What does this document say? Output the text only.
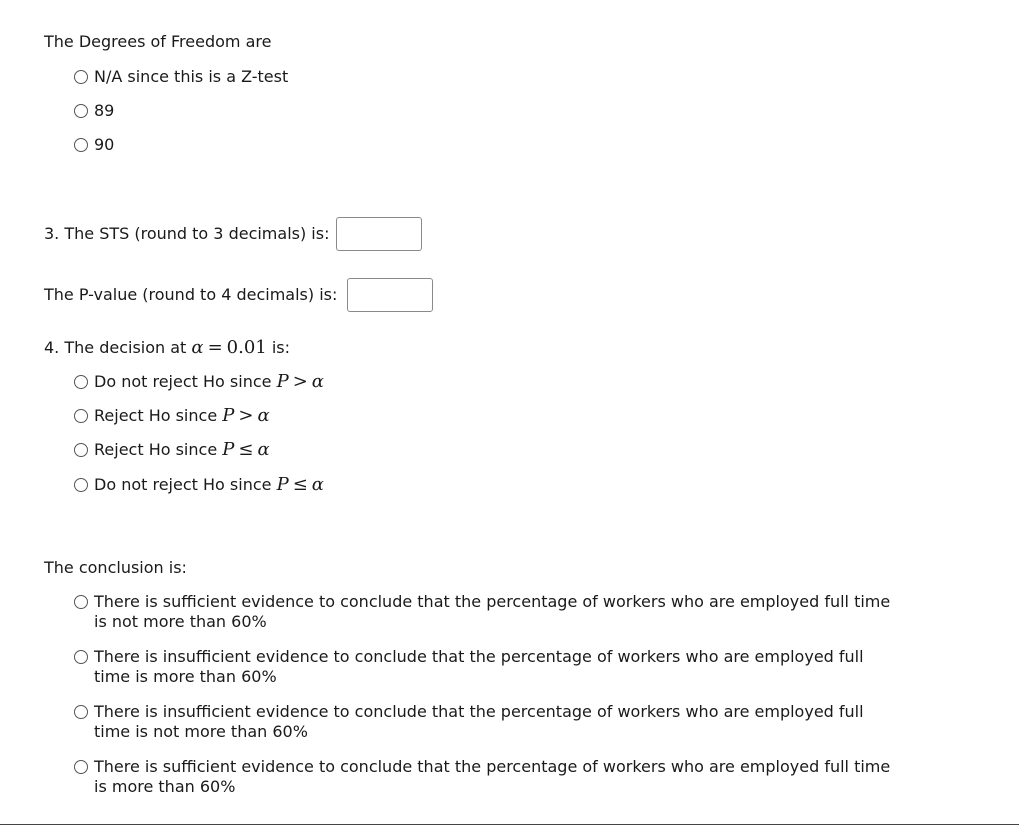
The Degrees of Freedom are
N/A since this is a Z-test
89
90
3. The STS (round to 3 decimals) is:
The P-value (round to 4 decimals) is:
4. The decision at α = 0.01 is:
Do not reject Ho since P > α
Reject Ho since P > α
Reject Ho since P ≤ α
Do not reject Ho since P ≤ α
The conclusion is:
There is sufficient evidence to conclude that the percentage of workers who are employed full time
is not more than 60%
There is insufficient evidence to conclude that the percentage of workers who are employed full
time is more than 60%
There is insufficient evidence to conclude that the percentage of workers who are employed full
time is not more than 60%
There is sufficient evidence to conclude that the percentage of workers who are employed full time
is more than 60%
